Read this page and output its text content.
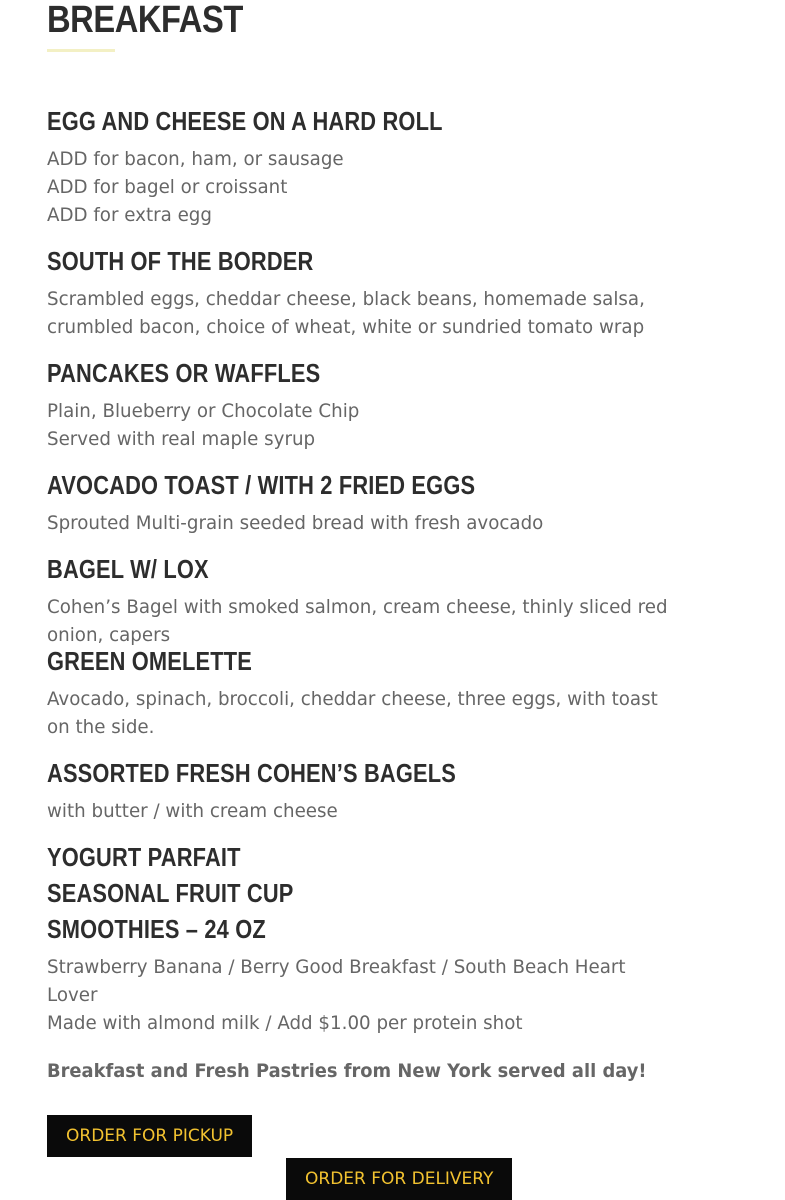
BREAKFAST
EGG AND CHEESE ON A HARD ROLL

ADD for bacon, ham, or sausage

ADD for bagel or croissant

ADD for extra egg

SOUTH OF THE BORDER

Scrambled eggs, cheddar cheese, black beans, homemade salsa,

crumbled bacon, choice of wheat, white or sundried tomato wrap

PANCAKES OR WAFFLES

Plain, Blueberry or Chocolate Chip

Served with real maple syrup

AVOCADO TOAST / WITH 2 FRIED EGGS

Sprouted Multi-grain seeded bread with fresh avocado

BAGEL W/ LOX

Cohen’s Bagel with smoked salmon, cream cheese, thinly sliced red

onion, capers

GREEN OMELETTE

Avocado, spinach, broccoli, cheddar cheese, three eggs, with toast

on the side.

ASSORTED FRESH COHEN’S BAGELS

with butter / with cream cheese

YOGURT PARFAIT
SEASONAL FRUIT CUP
SMOOTHIES – 24 OZ

Strawberry Banana / Berry Good Breakfast / South Beach Heart

Lover

Made with almond milk / Add $1.00 per protein shot

Breakfast and Fresh Pastries from New York served all day!

ORDER FOR PICKUP
ORDER FOR DELIVERY
